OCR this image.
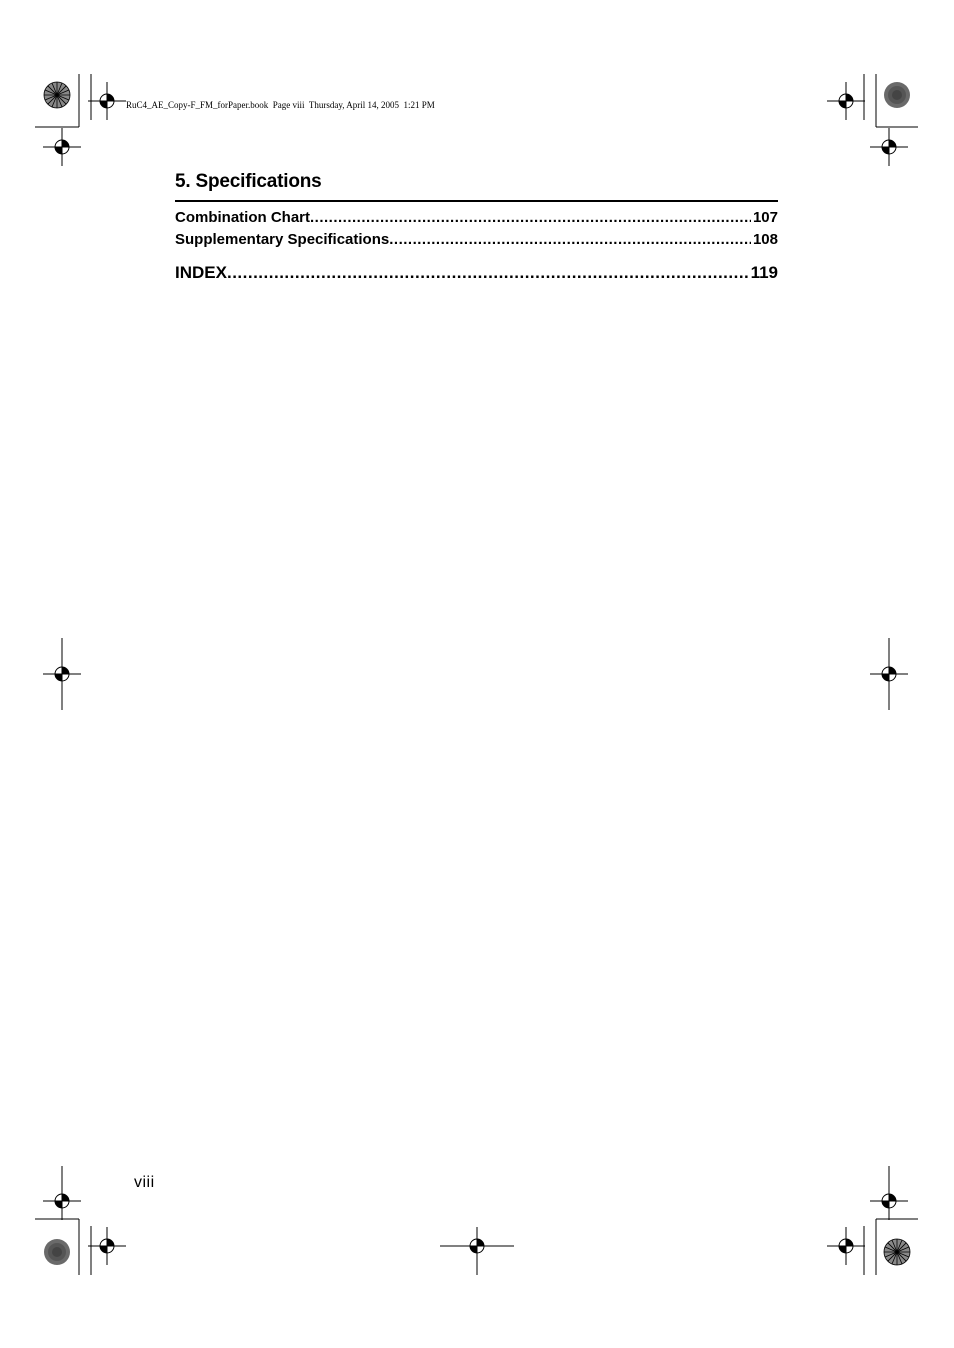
RuC4_AE_Copy-F_FM_forPaper.book  Page viii  Thursday, April 14, 2005  1:21 PM
5. Specifications
Combination Chart .....	107
Supplementary Specifications .....	108
INDEX .....	119
viii
